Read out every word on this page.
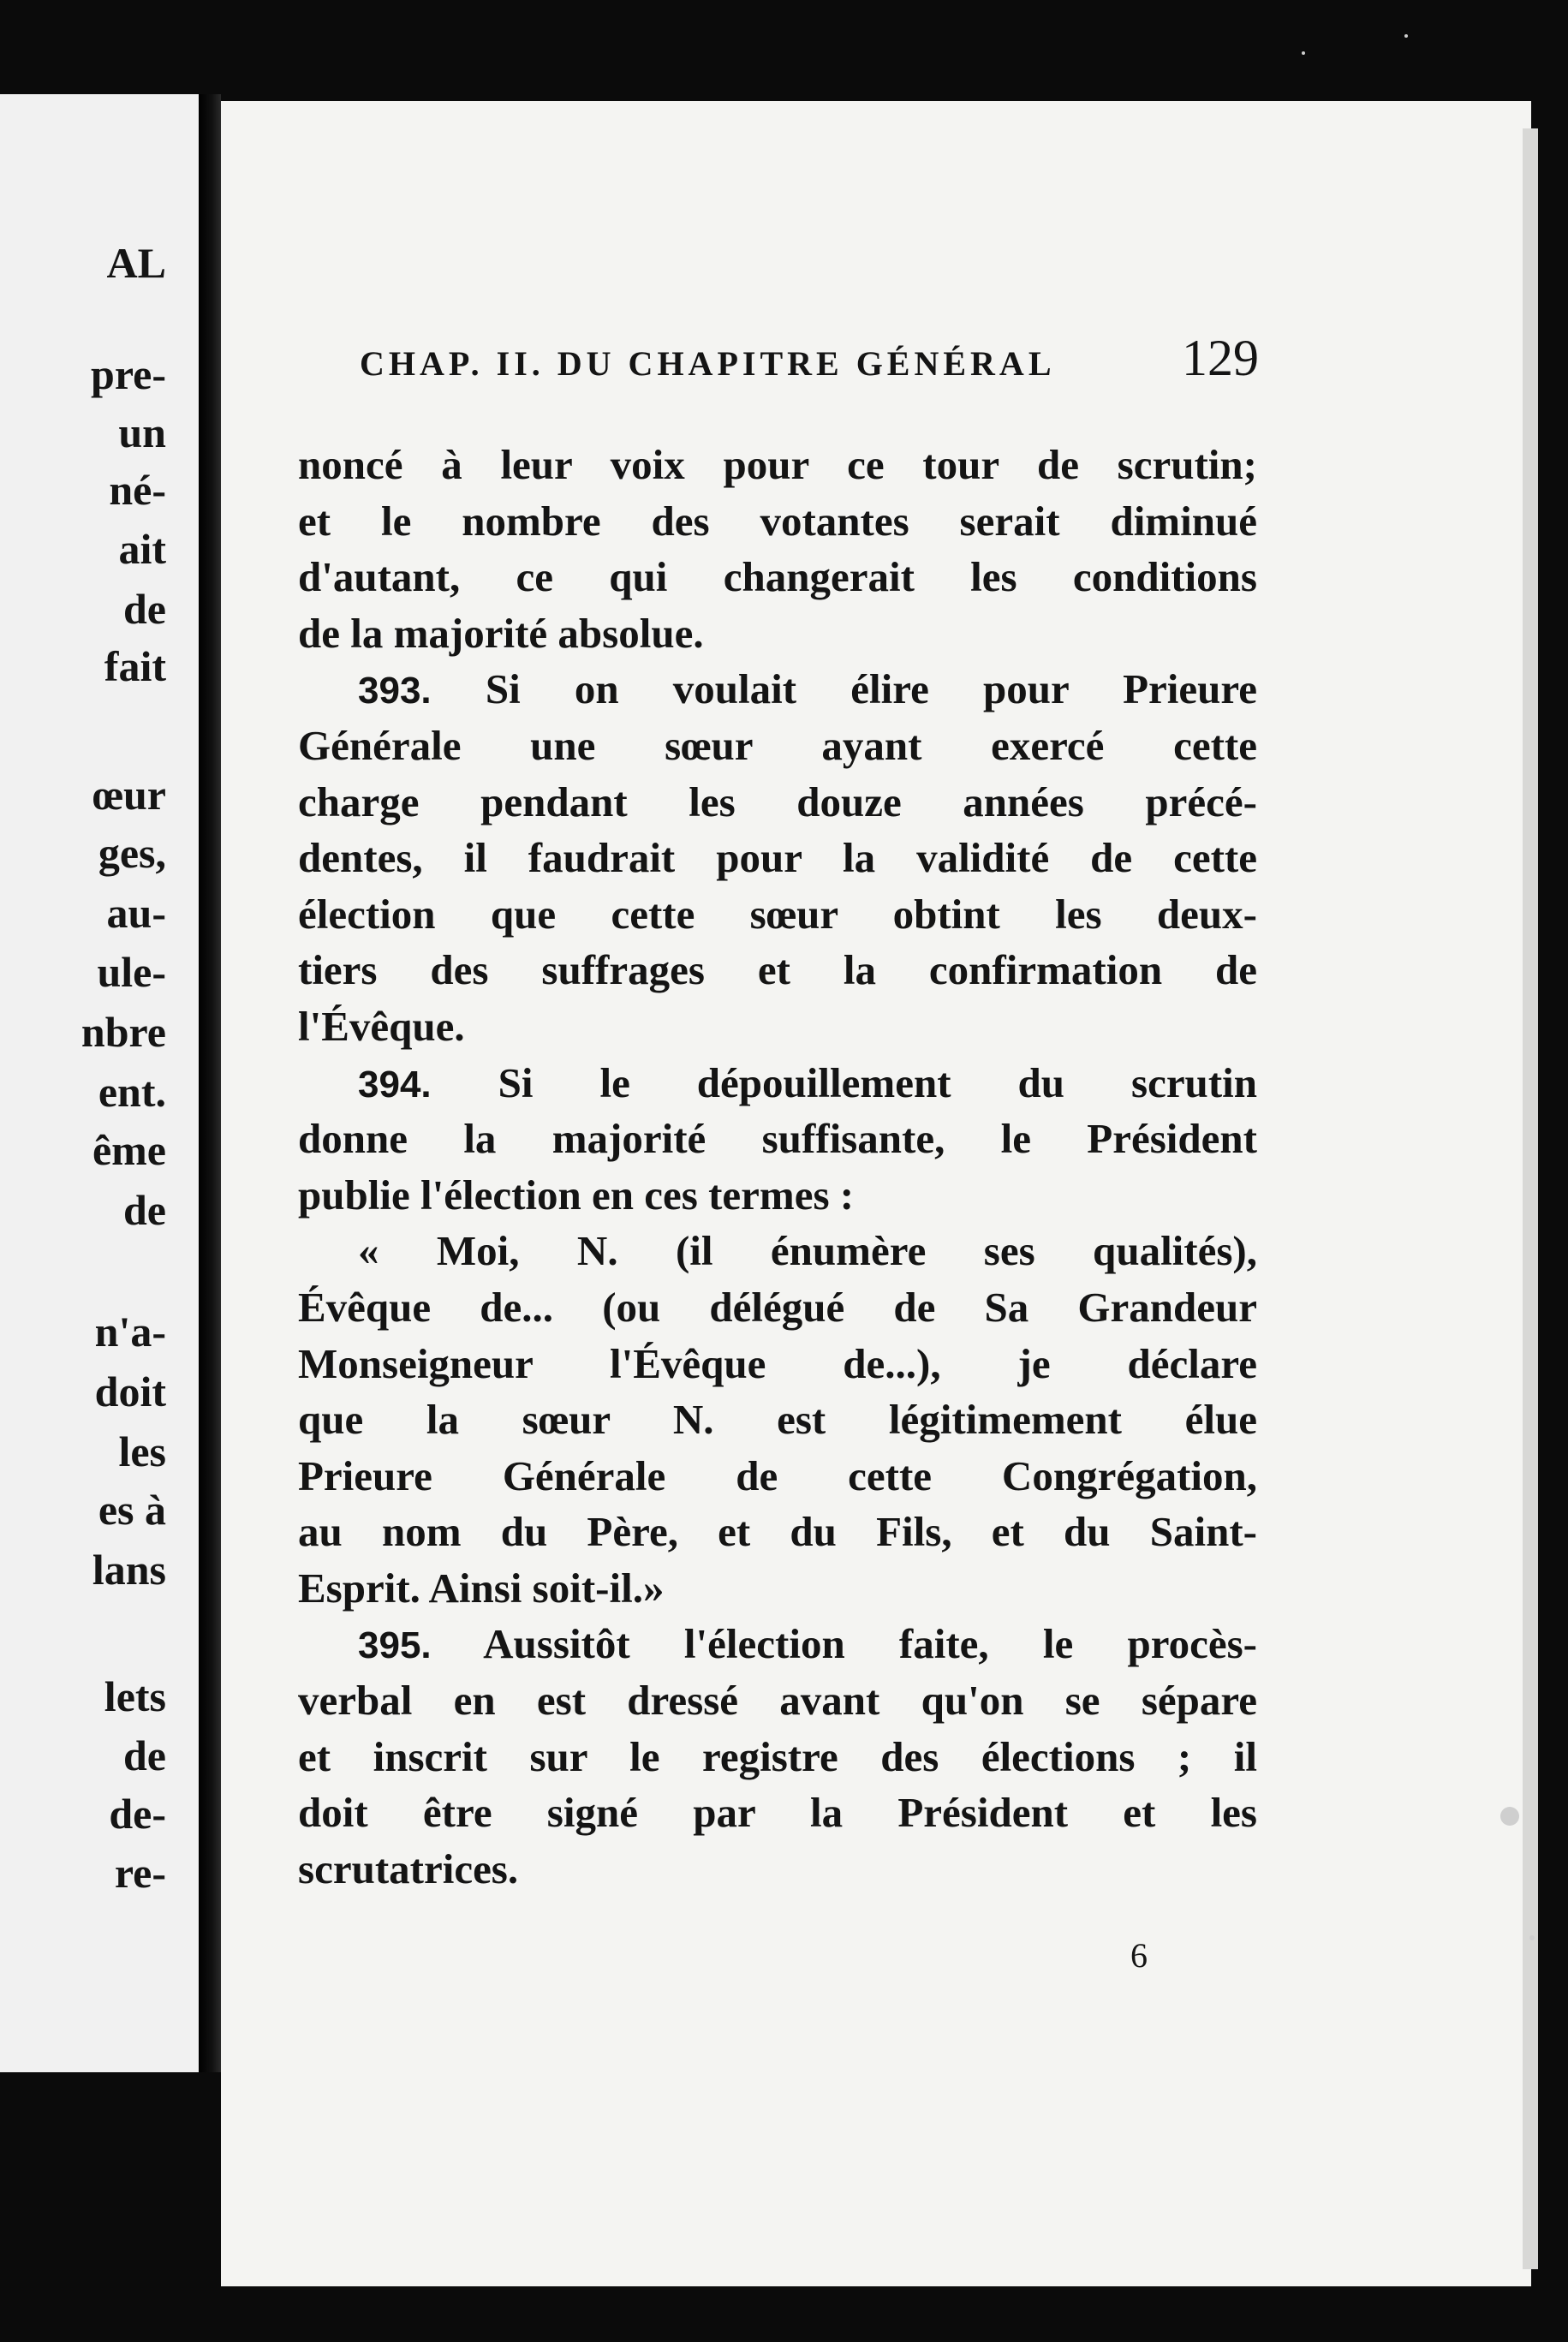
AL
pre-
un
né-
ait
de
fait
œur
ges,
au-
ule-
nbre
ent.
ême
de
n'a-
doit
les
es à
lans
lets
de
de-
re-
CHAP. II. DU CHAPITRE GÉNÉRAL 129
noncé à leur voix pour ce tour de scrutin;
et le nombre des votantes serait diminué
d'autant, ce qui changerait les conditions
de la majorité absolue.
393. Si on voulait élire pour Prieure
Générale une sœur ayant exercé cette
charge pendant les douze années précé-
dentes, il faudrait pour la validité de cette
élection que cette sœur obtint les deux-
tiers des suffrages et la confirmation de
l'Évêque.
394. Si le dépouillement du scrutin
donne la majorité suffisante, le Président
publie l'élection en ces termes :
« Moi, N. (il énumère ses qualités),
Évêque de... (ou délégué de Sa Grandeur
Monseigneur l'Évêque de...), je déclare
que la sœur N. est légitimement élue
Prieure Générale de cette Congrégation,
au nom du Père, et du Fils, et du Saint-
Esprit. Ainsi soit-il.»
395. Aussitôt l'élection faite, le procès-
verbal en est dressé avant qu'on se sépare
et inscrit sur le registre des élections ; il
doit être signé par la Président et les
scrutatrices.
6
